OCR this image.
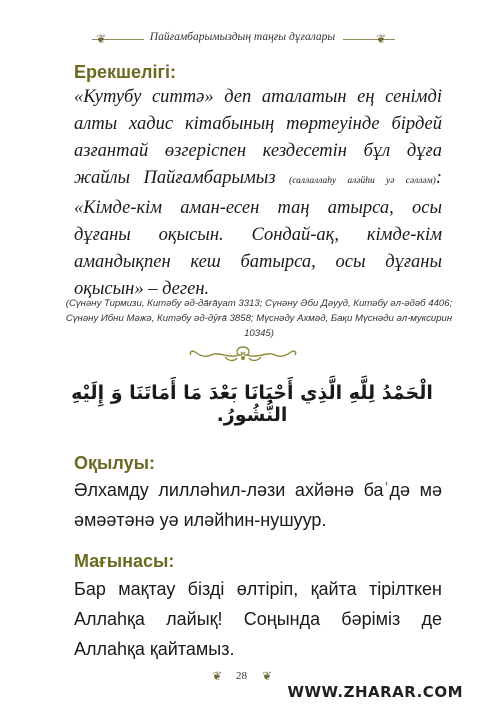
❦	Пайғамбарымыздың таңғы дұғалары	❦
Ерекшелігі:
«Кутубу ситтә» деп аталатын ең сенімді алты хадис кітабының төртеуінде бірдей азғантай өзгеріспен кездесетін бұл дұға жайлы Пайғамбарымыз (саллаллаһу аләйһи уә сәлләм): «Кімде-кім аман-есен таң атырса, осы дұғаны оқысын. Сондай-ақ, кімде-кім амандықпен кеш батырса, осы дұғаны оқысын» – деген.
(Сүнәну Тирмизи, Китәбу әд-да̄ға̄уат 3313; Сүнәну Әби Дәууд, Китәбу әл-әдәб 4406; Сүнәну Ибни Мәжә, Китәбу әд-дӯға̄ 3858; Мүснәду Ахмәд, Бақи Мүснәди әл-муксирин 10345)
الْحَمْدُ لِلَّهِ الَّذِي أَحْيَانَا بَعْدَ مَا أَمَاتَنَا وَ إِلَيْهِ النُّشُورُ.
Оқылуы:
Әлхамду лилләһил-ләзи ахйәнә баʿдә мә әмәәтәнә уә иләйһин-нушуур.
Мағынасы:
Бар мақтау бізді өлтіріп, қайта тірілткен Аллаһқа лайық! Соңында бәріміз де Аллаһқа қайтамыз.
❦ 28 ❦
WWW.ZHARAR.COM
